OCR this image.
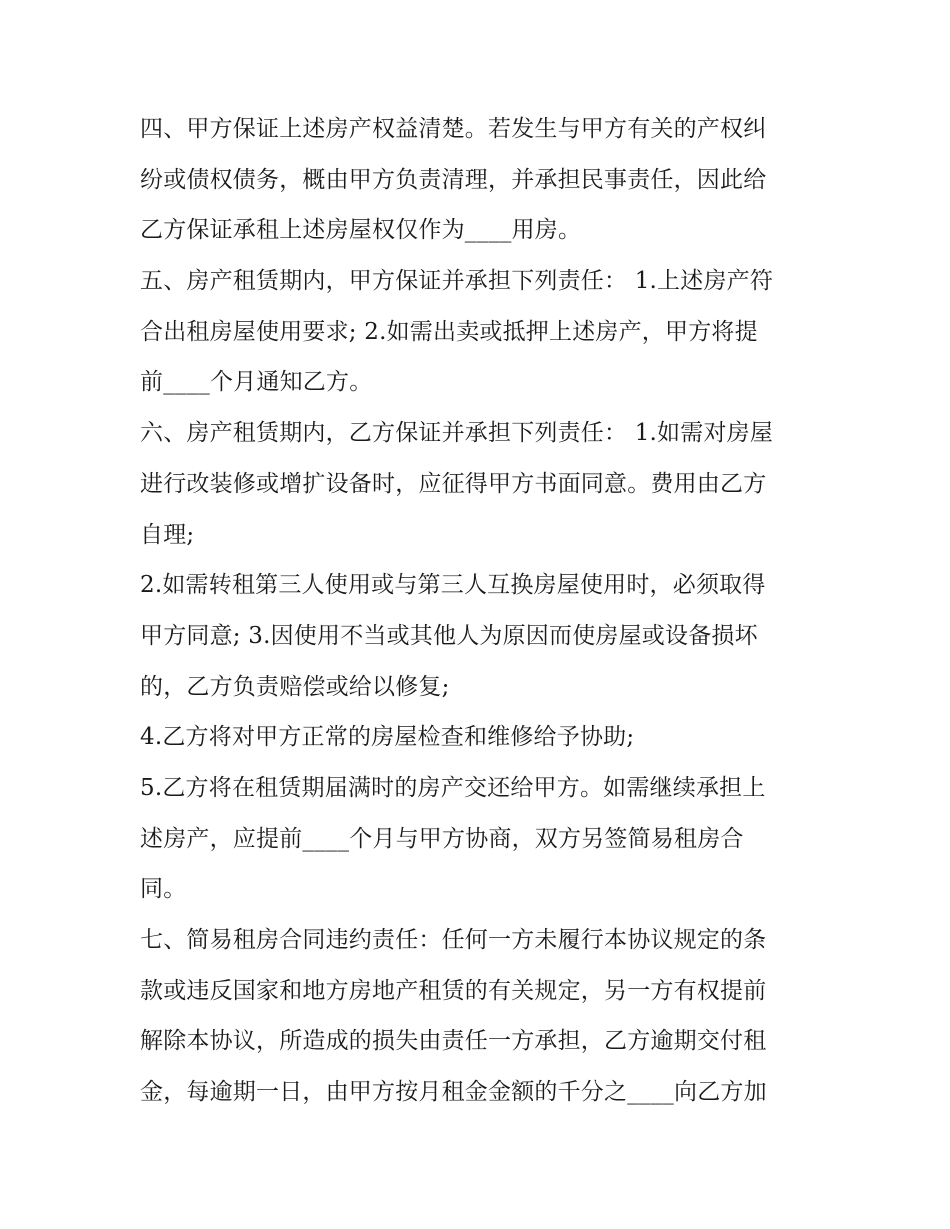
四、甲方保证上述房产权益清楚。若发生与甲方有关的产权纠
纷或债权债务，概由甲方负责清理，并承担民事责任，因此给
乙方保证承租上述房屋权仅作为____用房。
五、房产租赁期内，甲方保证并承担下列责任： 1.上述房产符
合出租房屋使用要求; 2.如需出卖或抵押上述房产，甲方将提
前____个月通知乙方。
六、房产租赁期内，乙方保证并承担下列责任： 1.如需对房屋
进行改装修或增扩设备时，应征得甲方书面同意。费用由乙方
自理;
2.如需转租第三人使用或与第三人互换房屋使用时，必须取得
甲方同意; 3.因使用不当或其他人为原因而使房屋或设备损坏
的，乙方负责赔偿或给以修复;
4.乙方将对甲方正常的房屋检查和维修给予协助;
5.乙方将在租赁期届满时的房产交还给甲方。如需继续承担上
述房产，应提前____个月与甲方协商，双方另签简易租房合
同。
七、简易租房合同违约责任：任何一方未履行本协议规定的条
款或违反国家和地方房地产租赁的有关规定，另一方有权提前
解除本协议，所造成的损失由责任一方承担，乙方逾期交付租
金，每逾期一日，由甲方按月租金金额的千分之____向乙方加
